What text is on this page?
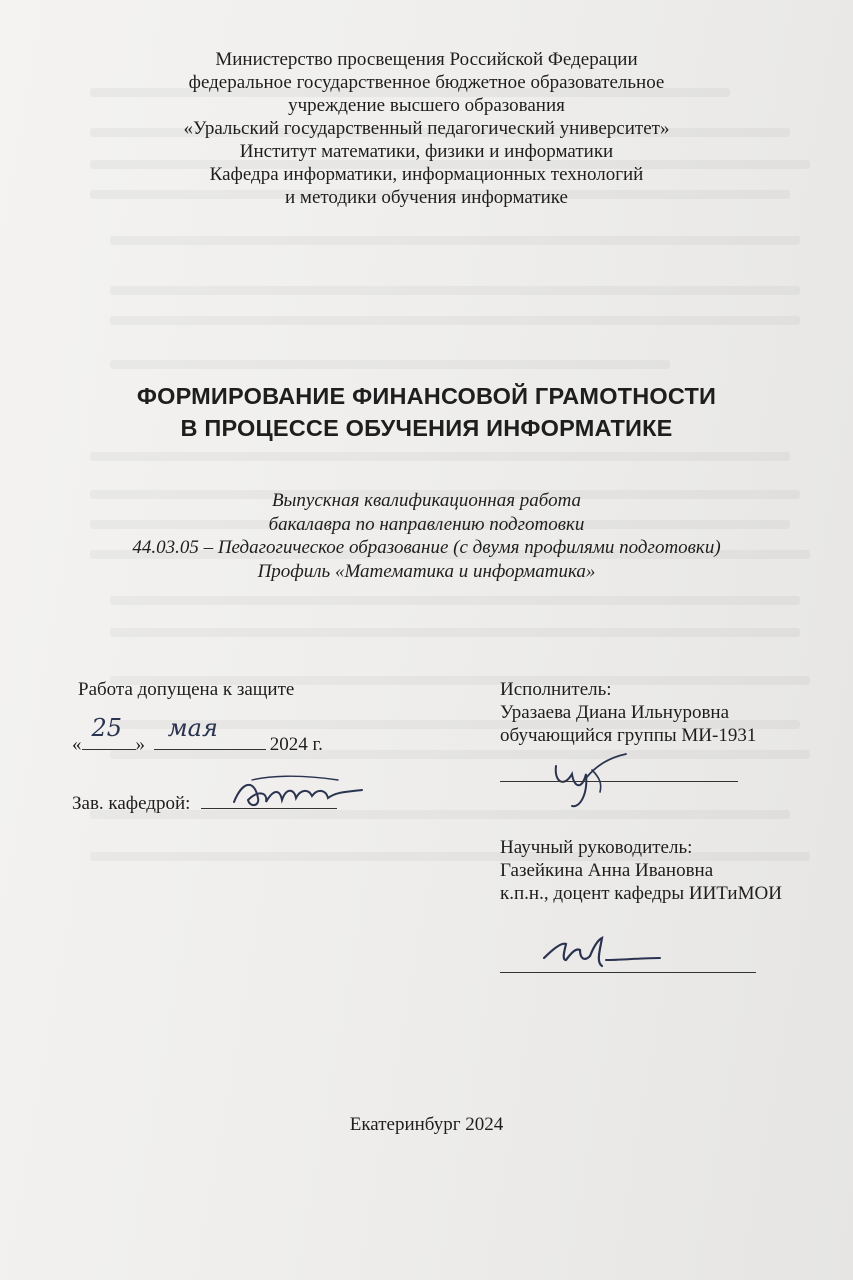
Министерство просвещения Российской Федерации
федеральное государственное бюджетное образовательное
учреждение высшего образования
«Уральский государственный педагогический университет»
Институт математики, физики и информатики
Кафедра информатики, информационных технологий
и методики обучения информатике
ФОРМИРОВАНИЕ ФИНАНСОВОЙ ГРАМОТНОСТИ
В ПРОЦЕССЕ ОБУЧЕНИЯ ИНФОРМАТИКЕ
Выпускная квалификационная работа
бакалавра по направлению подготовки
44.03.05 – Педагогическое образование (с двумя профилями подготовки)
Профиль «Математика и информатика»
Работа допущена к защите
«
25
»
мая
2024 г.
Зав. кафедрой:
Исполнитель:
Уразаева Диана Ильнуровна
обучающийся группы МИ-1931
Научный руководитель:
Газейкина Анна Ивановна
к.п.н., доцент кафедры ИИТиМОИ
Екатеринбург 2024
